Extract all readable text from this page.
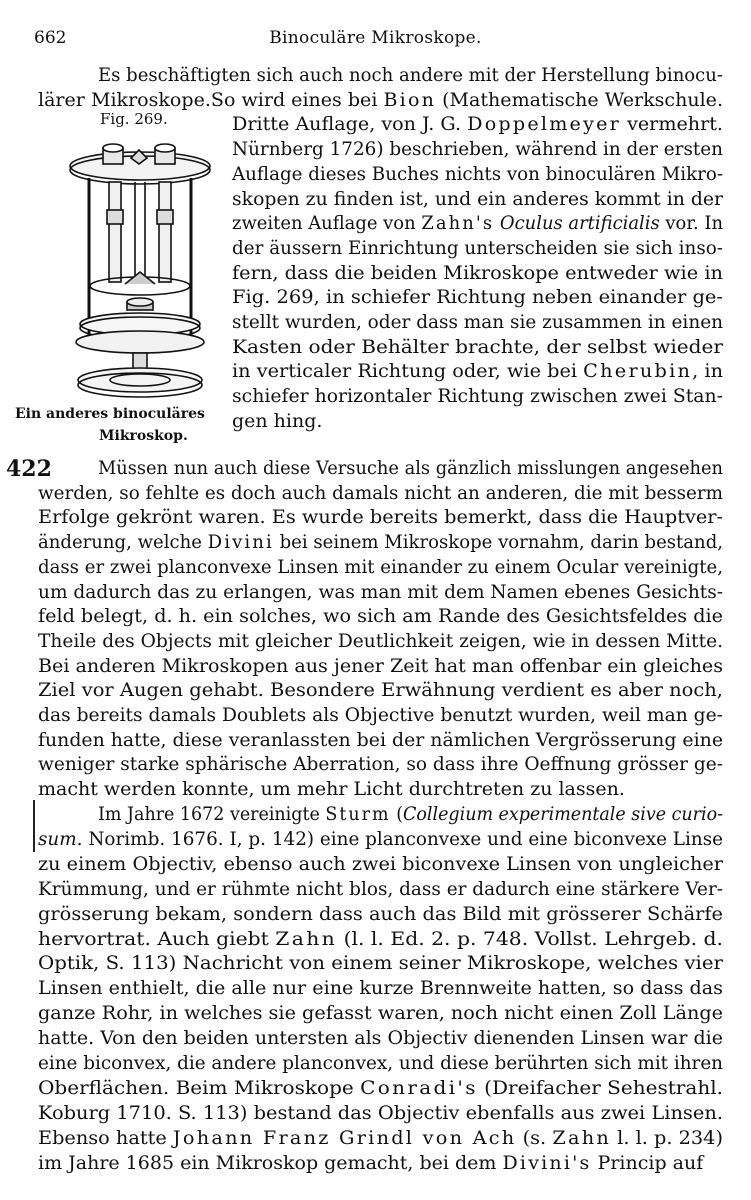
662	Binoculäre Mikroskope.
Fig. 269.
Ein anderes binoculäres
Mikroskop.
422
Es beschäftigten sich auch noch andere mit der Herstellung binocu-
lärer Mikroskope.So wird eines bei Bion (Mathematische Werkschule.
Dritte Auflage, von J. G. Doppelmeyer vermehrt.
Nürnberg 1726) beschrieben, während in der ersten
Auflage dieses Buches nichts von binoculären Mikro-
skopen zu finden ist, und ein anderes kommt in der
zweiten Auflage von Zahn's Oculus artificialis vor. In
der äussern Einrichtung unterscheiden sie sich inso-
fern, dass die beiden Mikroskope entweder wie in
Fig. 269, in schiefer Richtung neben einander ge-
stellt wurden, oder dass man sie zusammen in einen
Kasten oder Behälter brachte, der selbst wieder
in verticaler Richtung oder, wie bei Cherubin, in
schiefer horizontaler Richtung zwischen zwei Stan-
gen hing.
Müssen nun auch diese Versuche als gänzlich misslungen angesehen
werden, so fehlte es doch auch damals nicht an anderen, die mit besserm
Erfolge gekrönt waren. Es wurde bereits bemerkt, dass die Hauptver-
änderung, welche Divini bei seinem Mikroskope vornahm, darin bestand,
dass er zwei planconvexe Linsen mit einander zu einem Ocular vereinigte,
um dadurch das zu erlangen, was man mit dem Namen ebenes Gesichts-
feld belegt, d. h. ein solches, wo sich am Rande des Gesichtsfeldes die
Theile des Objects mit gleicher Deutlichkeit zeigen, wie in dessen Mitte.
Bei anderen Mikroskopen aus jener Zeit hat man offenbar ein gleiches
Ziel vor Augen gehabt. Besondere Erwähnung verdient es aber noch,
das bereits damals Doublets als Objective benutzt wurden, weil man ge-
funden hatte, diese veranlassten bei der nämlichen Vergrösserung eine
weniger starke sphärische Aberration, so dass ihre Oeffnung grösser ge-
macht werden konnte, um mehr Licht durchtreten zu lassen.
Im Jahre 1672 vereinigte Sturm (Collegium experimentale sive curio-
sum. Norimb. 1676. I, p. 142) eine planconvexe und eine biconvexe Linse
zu einem Objectiv, ebenso auch zwei biconvexe Linsen von ungleicher
Krümmung, und er rühmte nicht blos, dass er dadurch eine stärkere Ver-
grösserung bekam, sondern dass auch das Bild mit grösserer Schärfe
hervortrat. Auch giebt Zahn (l. l. Ed. 2. p. 748. Vollst. Lehrgeb. d.
Optik, S. 113) Nachricht von einem seiner Mikroskope, welches vier
Linsen enthielt, die alle nur eine kurze Brennweite hatten, so dass das
ganze Rohr, in welches sie gefasst waren, noch nicht einen Zoll Länge
hatte. Von den beiden untersten als Objectiv dienenden Linsen war die
eine biconvex, die andere planconvex, und diese berührten sich mit ihren
Oberflächen. Beim Mikroskope Conradi's (Dreifacher Sehestrahl.
Koburg 1710. S. 113) bestand das Objectiv ebenfalls aus zwei Linsen.
Ebenso hatte Johann Franz Grindl von Ach (s. Zahn l. l. p. 234)
im Jahre 1685 ein Mikroskop gemacht, bei dem Divini's Princip auf
